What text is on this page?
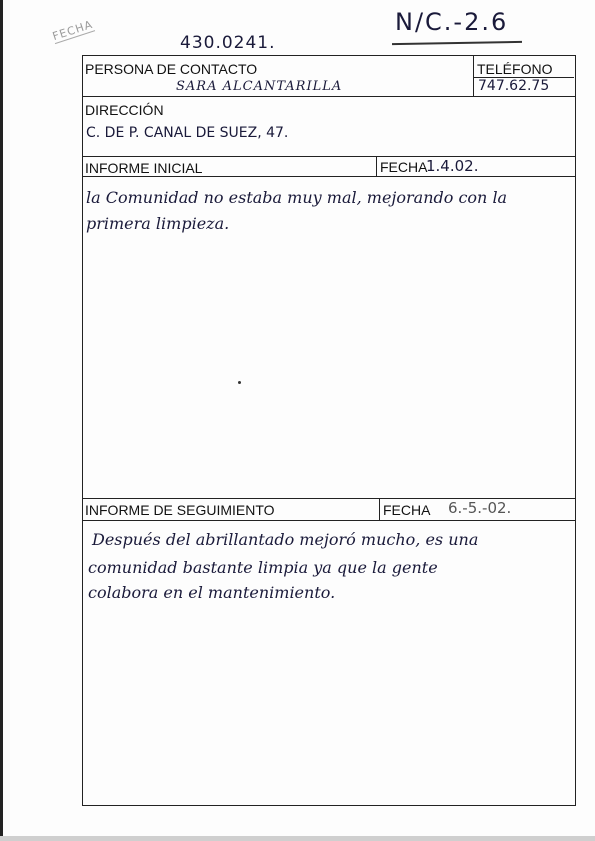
FECHA	N/C.-2.6
430.0241.
PERSONA DE CONTACTO
SARA ALCANTARILLA
TELÉFONO
747.62.75
DIRECCIÓN
C. DE P. CANAL DE SUEZ, 47.
INFORME INICIAL	FECHA
1.4.02.
la Comunidad no estaba muy mal, mejorando con la
primera limpieza.
INFORME DE SEGUIMIENTO	FECHA 6.-5.-02.
Después del abrillantado mejoró mucho, es una
comunidad bastante limpia ya que la gente
colabora en el mantenimiento.
